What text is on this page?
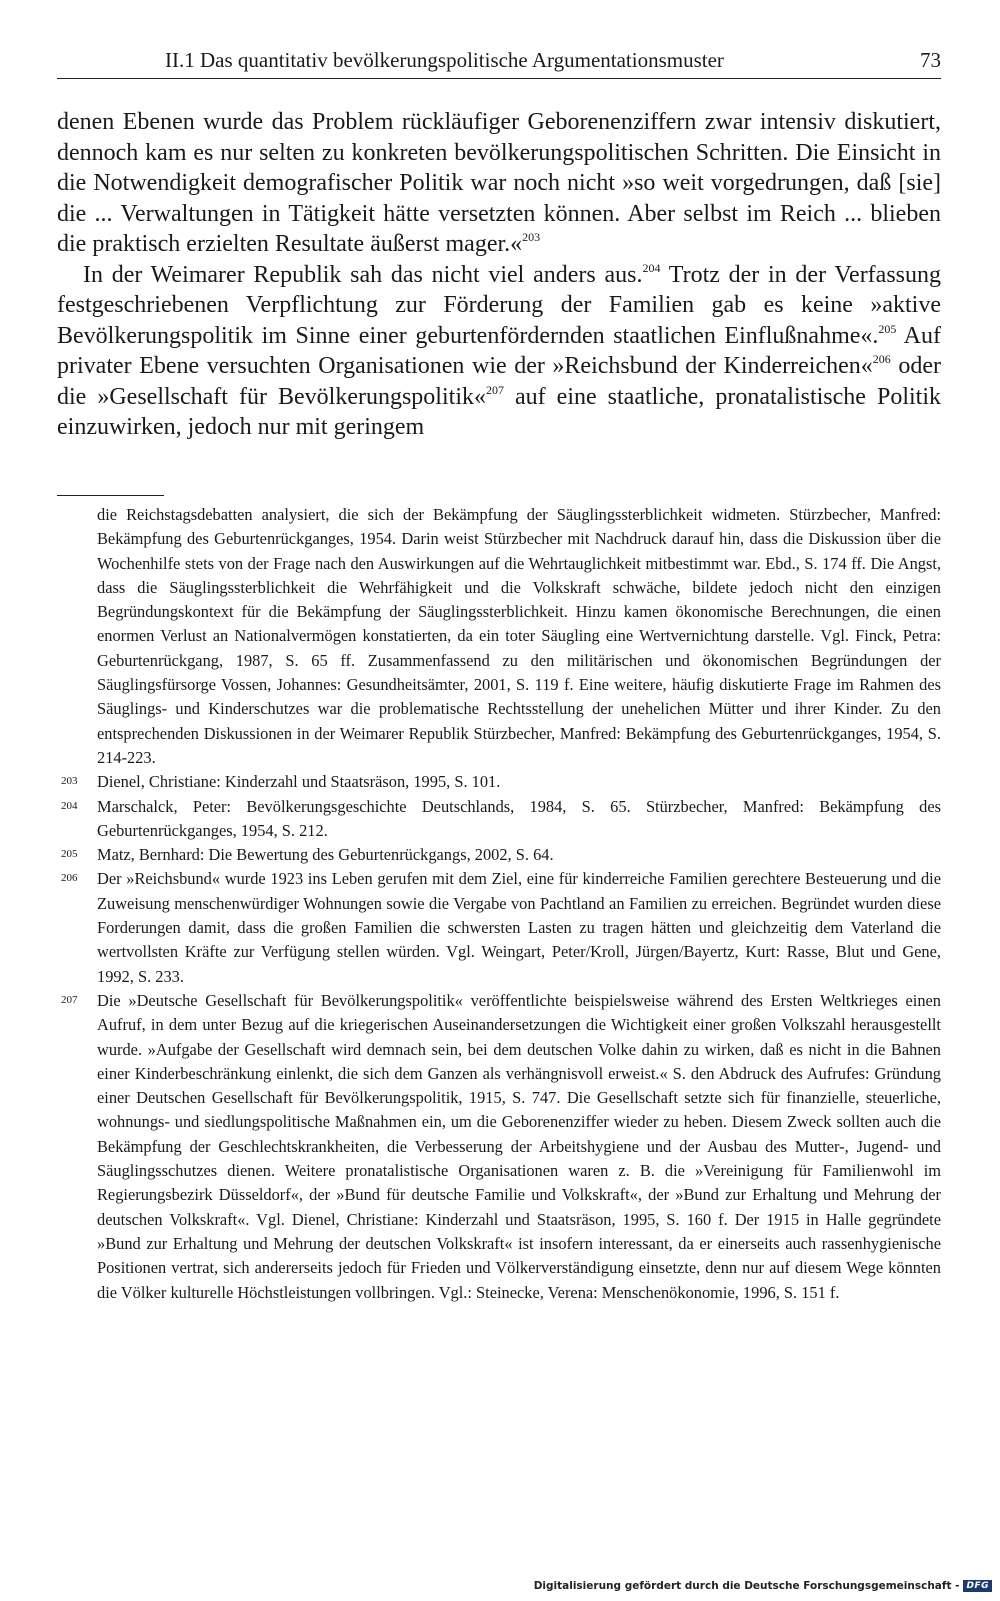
II.1 Das quantitativ bevölkerungspolitische Argumentationsmuster	73

denen Ebenen wurde das Problem rückläufiger Geborenenziffern zwar intensiv diskutiert, dennoch kam es nur selten zu konkreten bevölkerungspolitischen Schritten. Die Einsicht in die Notwendigkeit demografischer Politik war noch nicht »so weit vorgedrungen, daß [sie] die ... Verwaltungen in Tätigkeit hätte versetzten können. Aber selbst im Reich ... blieben die praktisch erzielten Resultate äußerst mager.«$^{203}$

In der Weimarer Republik sah das nicht viel anders aus.$^{204}$ Trotz der in der Verfassung festgeschriebenen Verpflichtung zur Förderung der Familien gab es keine »aktive Bevölkerungspolitik im Sinne einer geburtenfördernden staatlichen Einflußnahme«.$^{205}$ Auf privater Ebene versuchten Organisationen wie der »Reichsbund der Kinderreichen«$^{206}$ oder die »Gesellschaft für Bevölkerungspolitik«$^{207}$ auf eine staatliche, pronatalistische Politik einzuwirken, jedoch nur mit geringem

die Reichstagsdebatten analysiert, die sich der Bekämpfung der Säuglingssterblichkeit widmeten. Stürzbecher, Manfred: Bekämpfung des Geburtenrückganges, 1954. Darin weist Stürzbecher mit Nachdruck darauf hin, dass die Diskussion über die Wochenhilfe stets von der Frage nach den Auswirkungen auf die Wehrtauglichkeit mitbestimmt war. Ebd., S. 174 ff. Die Angst, dass die Säuglingssterblichkeit die Wehrfähigkeit und die Volkskraft schwäche, bildete jedoch nicht den einzigen Begründungskontext für die Bekämpfung der Säuglingssterblichkeit. Hinzu kamen ökonomische Berechnungen, die einen enormen Verlust an Nationalvermögen konstatierten, da ein toter Säugling eine Wertvernichtung darstelle. Vgl. Finck, Petra: Geburtenrückgang, 1987, S. 65 ff. Zusammenfassend zu den militärischen und ökonomischen Begründungen der Säuglingsfürsorge Vossen, Johannes: Gesundheitsämter, 2001, S. 119 f. Eine weitere, häufig diskutierte Frage im Rahmen des Säuglings- und Kinderschutzes war die problematische Rechtsstellung der unehelichen Mütter und ihrer Kinder. Zu den entsprechenden Diskussionen in der Weimarer Republik Stürzbecher, Manfred: Bekämpfung des Geburtenrückganges, 1954, S. 214-223.

203	Dienel, Christiane: Kinderzahl und Staatsräson, 1995, S. 101.
204	Marschalck, Peter: Bevölkerungsgeschichte Deutschlands, 1984, S. 65. Stürzbecher, Manfred: Bekämpfung des Geburtenrückganges, 1954, S. 212.
205	Matz, Bernhard: Die Bewertung des Geburtenrückgangs, 2002, S. 64.
206	Der »Reichsbund« wurde 1923 ins Leben gerufen mit dem Ziel, eine für kinderreiche Familien gerechtere Besteuerung und die Zuweisung menschenwürdiger Wohnungen sowie die Vergabe von Pachtland an Familien zu erreichen. Begründet wurden diese Forderungen damit, dass die großen Familien die schwersten Lasten zu tragen hätten und gleichzeitig dem Vaterland die wertvollsten Kräfte zur Verfügung stellen würden. Vgl. Weingart, Peter/Kroll, Jürgen/Bayertz, Kurt: Rasse, Blut und Gene, 1992, S. 233.
207	Die »Deutsche Gesellschaft für Bevölkerungspolitik« veröffentlichte beispielsweise während des Ersten Weltkrieges einen Aufruf, in dem unter Bezug auf die kriegerischen Auseinandersetzungen die Wichtigkeit einer großen Volkszahl herausgestellt wurde. »Aufgabe der Gesellschaft wird demnach sein, bei dem deutschen Volke dahin zu wirken, daß es nicht in die Bahnen einer Kinderbeschränkung einlenkt, die sich dem Ganzen als verhängnisvoll erweist.« S. den Abdruck des Aufrufes: Gründung einer Deutschen Gesellschaft für Bevölkerungspolitik, 1915, S. 747. Die Gesellschaft setzte sich für finanzielle, steuerliche, wohnungs- und siedlungspolitische Maßnahmen ein, um die Geborenenziffer wieder zu heben. Diesem Zweck sollten auch die Bekämpfung der Geschlechtskrankheiten, die Verbesserung der Arbeitshygiene und der Ausbau des Mutter-, Jugend- und Säuglingsschutzes dienen. Weitere pronatalistische Organisationen waren z. B. die »Vereinigung für Familienwohl im Regierungsbezirk Düsseldorf«, der »Bund für deutsche Familie und Volkskraft«, der »Bund zur Erhaltung und Mehrung der deutschen Volkskraft«. Vgl. Dienel, Christiane: Kinderzahl und Staatsräson, 1995, S. 160 f. Der 1915 in Halle gegründete »Bund zur Erhaltung und Mehrung der deutschen Volkskraft« ist insofern interessant, da er einerseits auch rassenhygienische Positionen vertrat, sich andererseits jedoch für Frieden und Völkerverständigung einsetzte, denn nur auf diesem Wege könnten die Völker kulturelle Höchstleistungen vollbringen. Vgl.: Steinecke, Verena: Menschenökonomie, 1996, S. 151 f.
Digitalisierung gefördert durch die Deutsche Forschungsgemeinschaft - DFG
